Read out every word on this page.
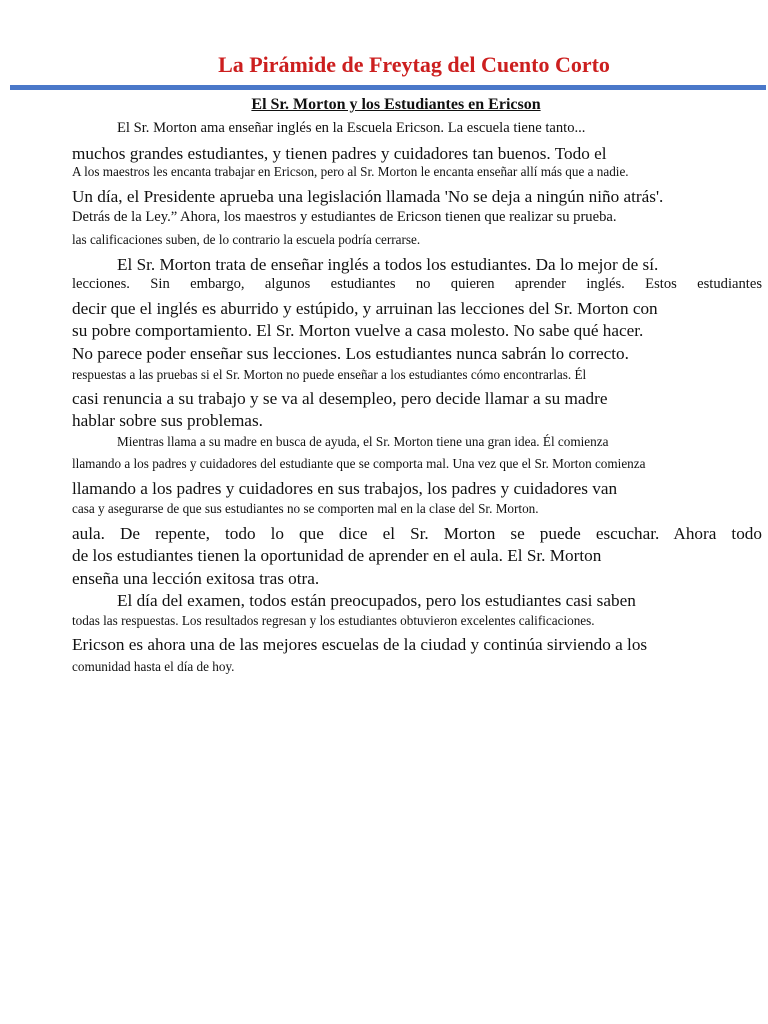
La Pirámide de Freytag del Cuento Corto
El Sr. Morton y los Estudiantes en Ericson
El Sr. Morton ama enseñar inglés en la Escuela Ericson. La escuela tiene tanto...
muchos grandes estudiantes, y tienen padres y cuidadores tan buenos. Todo el
A los maestros les encanta trabajar en Ericson, pero al Sr. Morton le encanta enseñar allí más que a nadie.
Un día, el Presidente aprueba una legislación llamada 'No se deja a ningún niño atrás'.
Detrás de la Ley.” Ahora, los maestros y estudiantes de Ericson tienen que realizar su prueba.
las calificaciones suben, de lo contrario la escuela podría cerrarse.
El Sr. Morton trata de enseñar inglés a todos los estudiantes. Da lo mejor de sí.
lecciones. Sin embargo, algunos estudiantes no quieren aprender inglés. Estos estudiantes
decir que el inglés es aburrido y estúpido, y arruinan las lecciones del Sr. Morton con
su pobre comportamiento. El Sr. Morton vuelve a casa molesto. No sabe qué hacer.
No parece poder enseñar sus lecciones. Los estudiantes nunca sabrán lo correcto.
respuestas a las pruebas si el Sr. Morton no puede enseñar a los estudiantes cómo encontrarlas. Él
casi renuncia a su trabajo y se va al desempleo, pero decide llamar a su madre
hablar sobre sus problemas.
Mientras llama a su madre en busca de ayuda, el Sr. Morton tiene una gran idea. Él comienza
llamando a los padres y cuidadores del estudiante que se comporta mal. Una vez que el Sr. Morton comienza
llamando a los padres y cuidadores en sus trabajos, los padres y cuidadores van
casa y asegurarse de que sus estudiantes no se comporten mal en la clase del Sr. Morton.
aula. De repente, todo lo que dice el Sr. Morton se puede escuchar. Ahora todo
de los estudiantes tienen la oportunidad de aprender en el aula. El Sr. Morton
enseña una lección exitosa tras otra.
El día del examen, todos están preocupados, pero los estudiantes casi saben
todas las respuestas. Los resultados regresan y los estudiantes obtuvieron excelentes calificaciones.
Ericson es ahora una de las mejores escuelas de la ciudad y continúa sirviendo a los
comunidad hasta el día de hoy.
